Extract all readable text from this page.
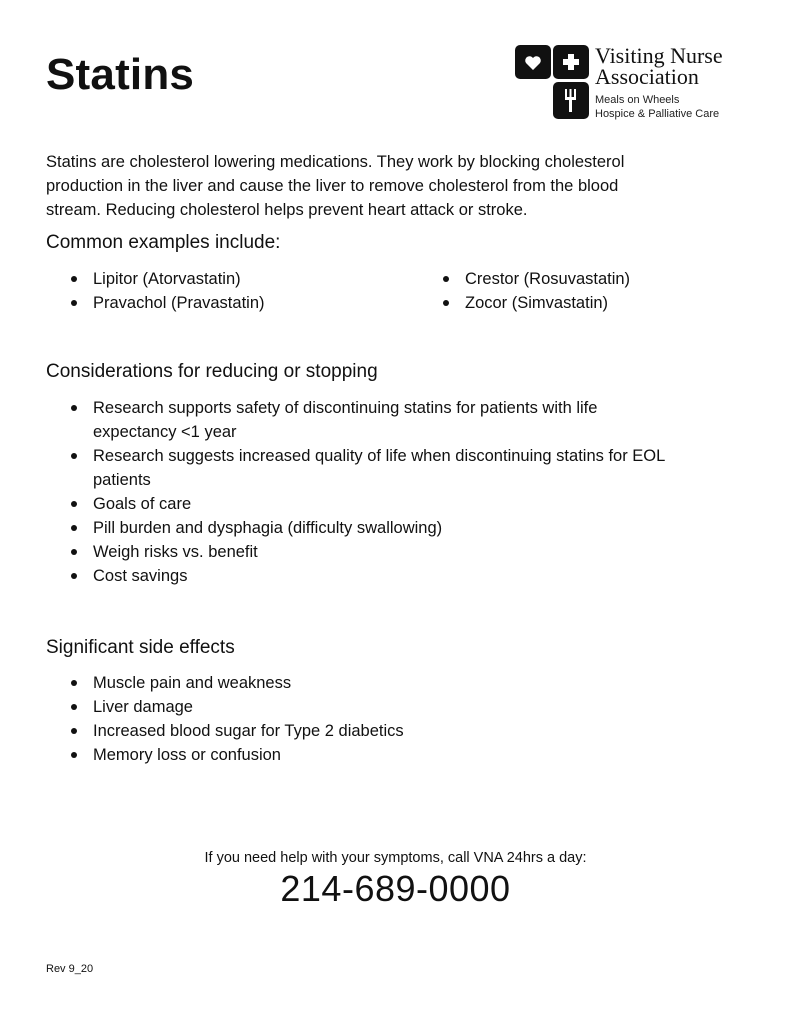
Statins	Visiting Nurse
Association
Meals on Wheels
Hospice & Palliative Care
Statins are cholesterol lowering medications. They work by blocking cholesterol
production in the liver and cause the liver to remove cholesterol from the blood
stream. Reducing cholesterol helps prevent heart attack or stroke.
Common examples include:
Lipitor (Atorvastatin)
Pravachol (Pravastatin)
Crestor (Rosuvastatin)
Zocor (Simvastatin)
Considerations for reducing or stopping
Research supports safety of discontinuing statins for patients with life
expectancy <1 year
Research suggests increased quality of life when discontinuing statins for EOL
patients
Goals of care
Pill burden and dysphagia (difficulty swallowing)
Weigh risks vs. benefit
Cost savings
Significant side effects
Muscle pain and weakness
Liver damage
Increased blood sugar for Type 2 diabetics
Memory loss or confusion
If you need help with your symptoms, call VNA 24hrs a day:
214-689-0000
Rev 9_20
